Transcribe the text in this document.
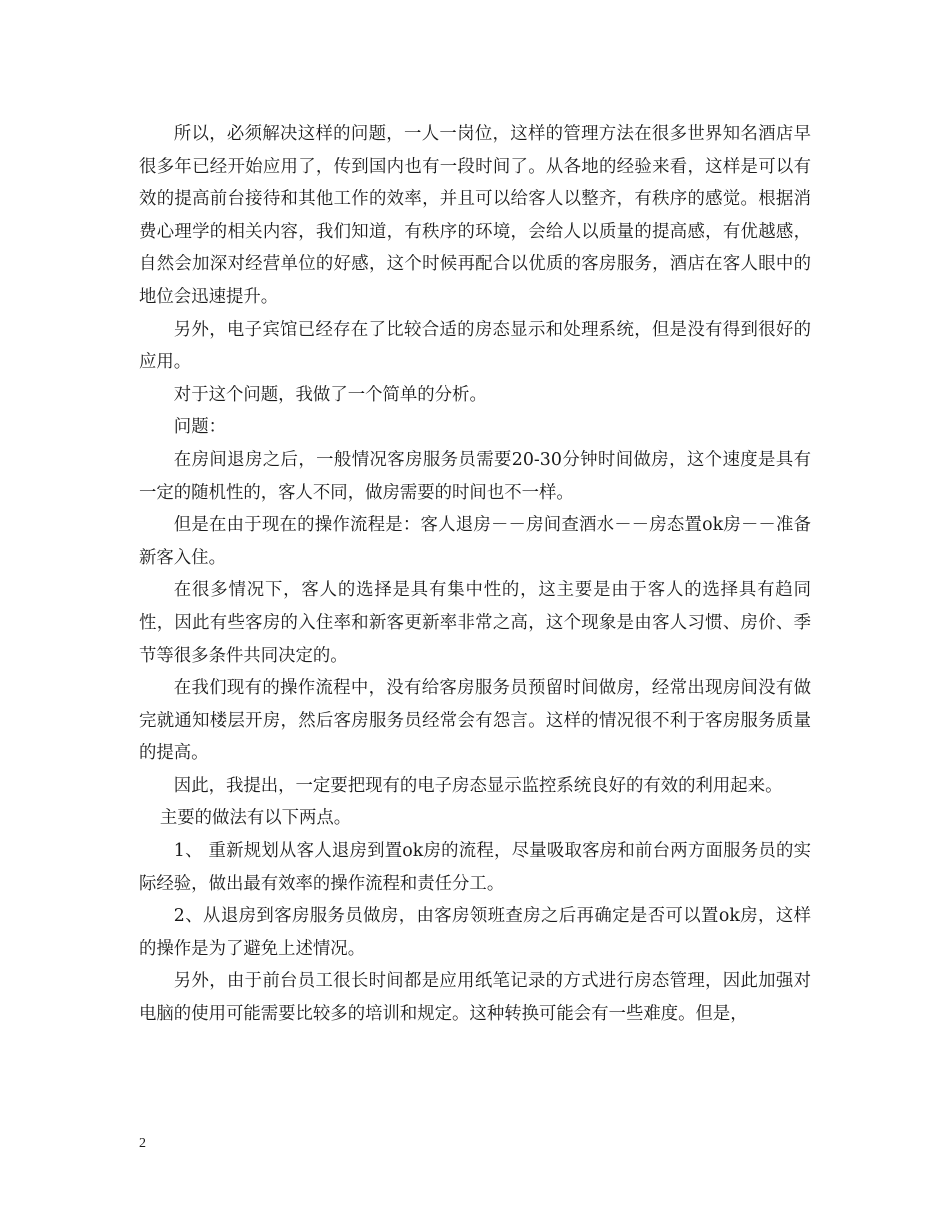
所以，必须解决这样的问题，一人一岗位，这样的管理方法在很多世界知名酒店早很多年已经开始应用了，传到国内也有一段时间了。从各地的经验来看，这样是可以有效的提高前台接待和其他工作的效率，并且可以给客人以整齐，有秩序的感觉。根据消费心理学的相关内容，我们知道，有秩序的环境，会给人以质量的提高感，有优越感，自然会加深对经营单位的好感，这个时候再配合以优质的客房服务，酒店在客人眼中的地位会迅速提升。

另外，电子宾馆已经存在了比较合适的房态显示和处理系统，但是没有得到很好的应用。

对于这个问题，我做了一个简单的分析。

问题：

在房间退房之后，一般情况客房服务员需要20-30分钟时间做房，这个速度是具有一定的随机性的，客人不同，做房需要的时间也不一样。

但是在由于现在的操作流程是：客人退房－－房间查酒水－－房态置ok房－－准备新客入住。

在很多情况下，客人的选择是具有集中性的，这主要是由于客人的选择具有趋同性，因此有些客房的入住率和新客更新率非常之高，这个现象是由客人习惯、房价、季节等很多条件共同决定的。

在我们现有的操作流程中，没有给客房服务员预留时间做房，经常出现房间没有做完就通知楼层开房，然后客房服务员经常会有怨言。这样的情况很不利于客房服务质量的提高。

因此，我提出，一定要把现有的电子房态显示监控系统良好的有效的利用起来。

主要的做法有以下两点。

1、 重新规划从客人退房到置ok房的流程，尽量吸取客房和前台两方面服务员的实际经验，做出最有效率的操作流程和责任分工。

2、从退房到客房服务员做房，由客房领班查房之后再确定是否可以置ok房，这样的操作是为了避免上述情况。

另外，由于前台员工很长时间都是应用纸笔记录的方式进行房态管理，因此加强对电脑的使用可能需要比较多的培训和规定。这种转换可能会有一些难度。但是，

2
